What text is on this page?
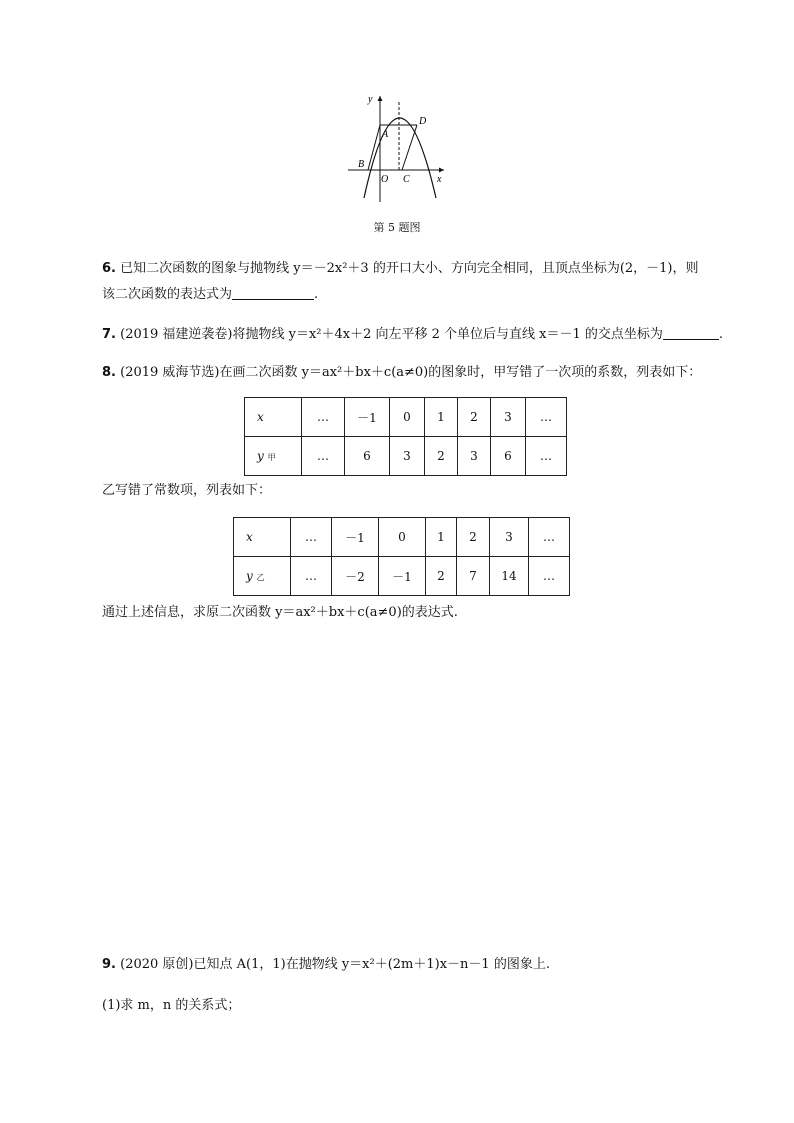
y
x
A
B
C
D
O
第 5 题图
6. 已知二次函数的图象与抛物线 y＝－2x²＋3 的开口大小、方向完全相同，且顶点坐标为(2，－1)，则
该二次函数的表达式为	.
7. (2019 福建逆袭卷)将抛物线 y＝x²＋4x＋2 向左平移 2 个单位后与直线 x＝－1 的交点坐标为	.
8. (2019 威海节选)在画二次函数 y＝ax²＋bx＋c(a≠0)的图象时，甲写错了一次项的系数，列表如下：
x	…	－1	0	1	2	3	…
y 甲	…	6	3	2	3	6	…
乙写错了常数项，列表如下：
x	…	－1	0	1	2	3	…
y 乙	…	－2	－1	2	7	14	…
通过上述信息，求原二次函数 y＝ax²＋bx＋c(a≠0)的表达式.
9. (2020 原创)已知点 A(1，1)在抛物线 y＝x²＋(2m＋1)x－n－1 的图象上.
(1)求 m，n 的关系式；
